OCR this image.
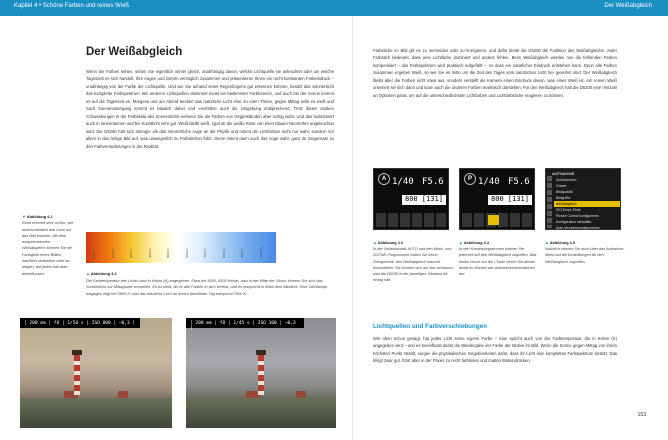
Kapitel 4 • Schöne Farben und reines Weiß	Der Weißabgleich
Der Weißabgleich

Wenn Sie Farben sehen, sehen Sie eigentlich immer gleich, unabhängig davon, welche Lichtquelle sie anleuchtet oder um welche Tageszeit es sich handelt. Ihre Augen und Gehirn verzüglich zusammen und präsentieren Ihnen ein recht konstanten Farbeindruck – unabhängig von der Farbe der Lichtquelle. Und wie Sie anhand eines Regenbogens gut erkennen können, besitzt das Sonnenlicht das komplette Farbspektrum. Bei anderen Lichtquellen dominiert meist ein bestimmter Farbbereich, und auch bei der Sonne kommt es auf die Tageszeit an. Morgens und am Abend tendiert das natürliche Licht eher zu roten Tönen, gegen Mittag wirkt es weiß und nach Sonnenuntergang kommt es bläulich daher und »verfärbt« auch die Umgebung entsprechend. Trotz dieser starken Schwankungen in der Farbskala des Sonnenlichts nehmen Sie die Farben von Gegenständen aber richtig wahr. Und das funktioniert auch in Innenräumen und bei Kunstlicht sehr gut. Weiß bleibt weiß, egal ob die weiße Rose von einer blauen Neonröhre angeleuchtet wird. Die D5200 hält sich strenger als das menschliche Auge an die Physik und nimmt die Lichtfarben nicht nur wahr, sondern vor allem in das fertige Bild auf, was unweigerlich zu Farbstichen führt. Diese nimmt dann auch das Auge wahr, ganz im Gegensatz zu den Farbveränderungen in der Realität.

▼Abbildung 4.1
Rose erkennt sehr schön, wie unterschiedlich das Licht auf das Bild einwirkt. Mit dem entsprechenden Weißabgleich können Sie die Farbigkeit eines Bildes natürlich verändern oder an- neigen, auf jedes halt aber beeinflussen.
1000 K	2000 K	3000 K	4000 K	5000 K	6000 K	7000 K	8000 K	9000 K	10000 K
▲Abbildung 4.2
Die Farbtemperatur des Lichts wird in Kelvin (K) angegeben. Etwa bei 5000–5500 Kelvin, also in der Mitte der Skala, können Sie sich das Sonnenlicht zur Mittagszeit vorstellen. Es ist weiß, da es alle Farben in sich vereint, und es entspricht in etwa dem Blitzlicht. Eine Glühlampe hingegen liegt bei 2800 K, und das bläuliche Licht an einem bewölkten Tag entspricht 7000 K.
[ 200 mm | f8 | 1/50 s | ISO 800 | –0,3 ]	[ 200 mm | f8 | 1/45 s | ISO 100 | –0,3 ]

Farbstiche im Bild gilt es zu vermeiden oder zu korrigieren, und dafür bietet die D5200 die Funktion des Weißabgleichs. Jeder Farbstich bedeutet, dass eine Lichtfarbe dominiert und andere fehlen. Beim Weißabgleich werden nun die fehlenden Farben kompensiert – das Farbspektrum wird praktisch aufgefüllt –, so dass ein natürlicher Eindruck entstehen kann. Denn alle Farben zusammen ergeben Weiß, so wie Sie es mitte um die Zeit des Tages vom natürlichen Licht her gewohnt sind. Der Weißabgleich bleibt aber die Farben nicht etwa aus, sondern verstellt die Kamera einen Eindruck davon, was eines Weiß ist. Am reinen Weiß orientiert sie sich dann und kann auch die anderen Farben realistisch darstellen. Für den Weißabgleich hält die D5200 eine Vielzahl an Optionen parat, um auf die unterschiedlichsten Lichtfarben und Lichtfarbstiche reagieren zu können.

A 1/40 F5.6
800 [131]
P 1/40 F5.6
800 [131]
AUFNAHME
Zurücksetzen
Ordner
Bildqualität
Bildgröße
Weißabgleich
ISO-Empf.-Einst.
Picture Control konfigurieren
Konfiguration verwalten
Auto-Verzeichnungskorrektur
▲Abbildung 4.3
In der Vollautomatik AUTO und den Motiv- und SCENE-Programmen haben Sie keine Gelegenheit, den Weißabgleich manuell einzustellen. Sie können sich auf das verlassen, was die D5200 in der jeweiligen Situation für richtig hält.
▲Abbildung 4.4
In den Kreativprogrammen können Sie jederzeit auf den Weißabgleich zugreifen. Bild einem Druck auf die i-Taste sehen Sie diesen direkt im Monitor der Aufnahmeinformationen auf.
▲Abbildung 4.5
Natürlich können Sie auch über das Aufnahme-Menü auf die Einstellungen für den Weißabgleich zugreifen.
Lichtquellen und Farbverschiebungen

Wie oben schon gesagt, hat jedes Licht seine eigene Farbe – man spricht auch von der Farbtemperatur, die in Kelvin (K) angegeben wird – und es beeinflusst damit die Wiedergabe der Farbe der Motive im Bild. Wenn die Sonne gegen Mittag von ihrem höchsten Punkt strahlt, sorgen die physikalischen Gegebenheiten dafür, dass ihr Licht sein komplettes Farbspektrum besitzt. Das klingt zwar gut, führt aber in der Praxis zu recht farblosen und matten Bildeindrücken.

153
